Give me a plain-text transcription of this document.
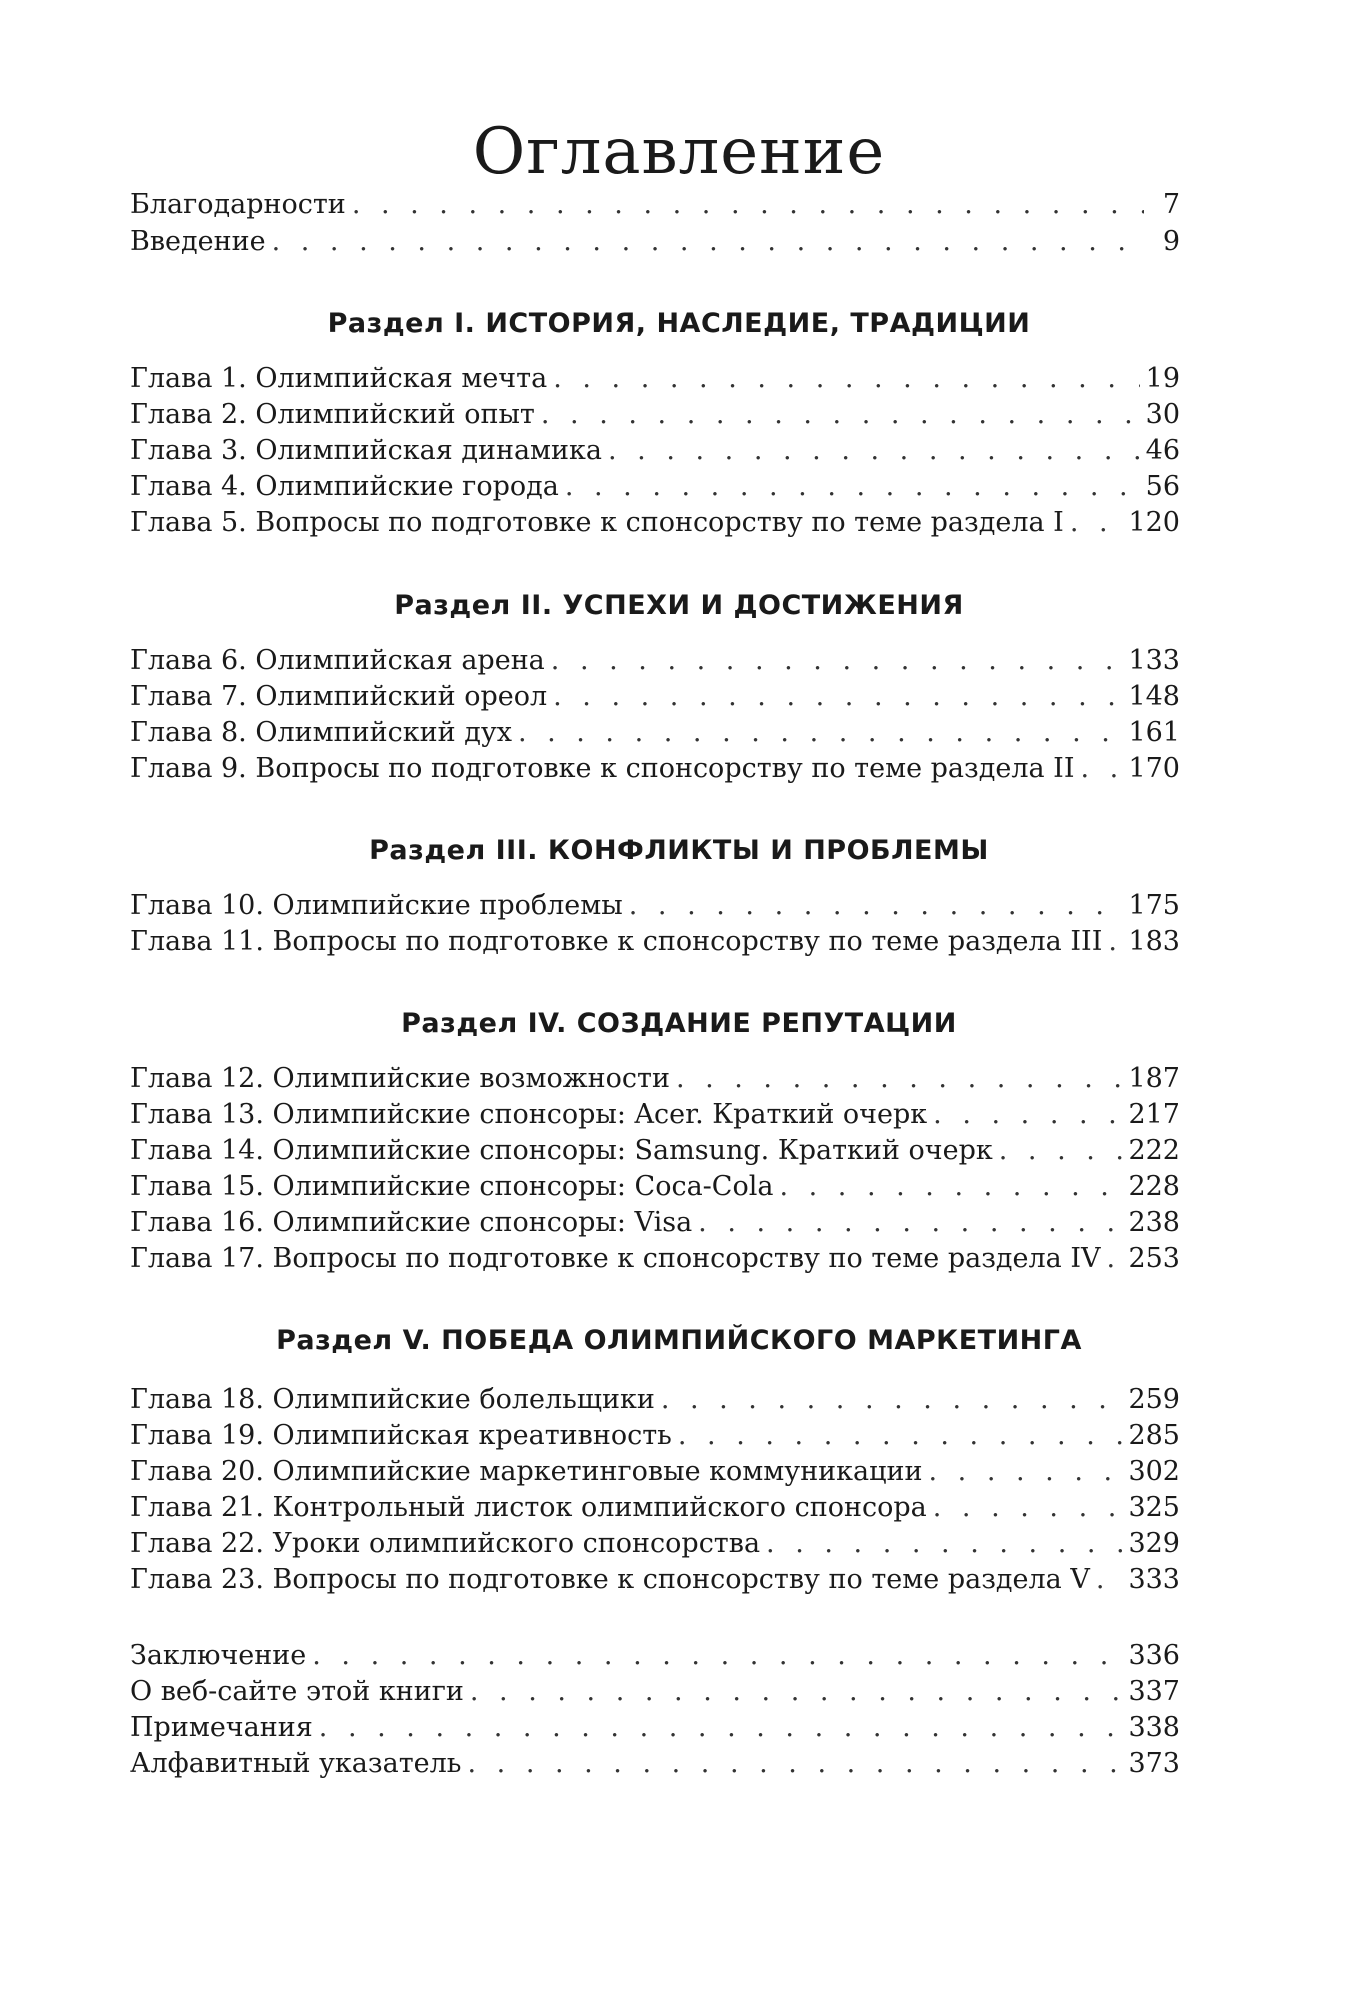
Оглавление
Благодарности . . .	7
Введение . . .	9
Раздел I. ИСТОРИЯ, НАСЛЕДИЕ, ТРАДИЦИИ
Глава 1. Олимпийская мечта . . .	19
Глава 2. Олимпийский опыт . . .	30
Глава 3. Олимпийская динамика . . .	46
Глава 4. Олимпийские города . . .	56
Глава 5. Вопросы по подготовке к спонсорству по теме раздела I . . . 120
Раздел II. УСПЕХИ И ДОСТИЖЕНИЯ
Глава 6. Олимпийская арена . . .	133
Глава 7. Олимпийский ореол . . .	148
Глава 8. Олимпийский дух . . .	161
Глава 9. Вопросы по подготовке к спонсорству по теме раздела II . . . 170
Раздел III. КОНФЛИКТЫ И ПРОБЛЕМЫ
Глава 10. Олимпийские проблемы . . .	175
Глава 11. Вопросы по подготовке к спонсорству по теме раздела III . . . 183
Раздел IV. СОЗДАНИЕ РЕПУТАЦИИ
Глава 12. Олимпийские возможности . . .	187
Глава 13. Олимпийские спонсоры: Acer. Краткий очерк . . .	217
Глава 14. Олимпийские спонсоры: Samsung. Краткий очерк . . .	222
Глава 15. Олимпийские спонсоры: Coca-Cola . . .	228
Глава 16. Олимпийские спонсоры: Visa . . .	238
Глава 17. Вопросы по подготовке к спонсорству по теме раздела IV . . . 253
Раздел V. ПОБЕДА ОЛИМПИЙСКОГО МАРКЕТИНГА
Глава 18. Олимпийские болельщики . . .	259
Глава 19. Олимпийская креативность . . .	285
Глава 20. Олимпийские маркетинговые коммуникации . . .	302
Глава 21. Контрольный листок олимпийского спонсора . . .	325
Глава 22. Уроки олимпийского спонсорства . . .	329
Глава 23. Вопросы по подготовке к спонсорству по теме раздела V . . . 333
Заключение . . .	336
О веб-сайте этой книги . . .	337
Примечания . . .	338
Алфавитный указатель . . .	373
